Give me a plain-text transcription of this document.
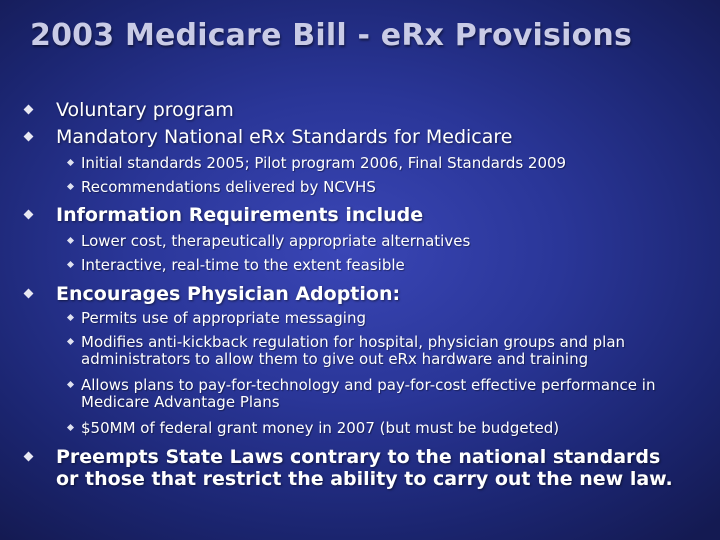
2003 Medicare Bill - eRx Provisions
Voluntary program
Mandatory National eRx Standards for Medicare
Initial standards 2005; Pilot program 2006, Final Standards 2009
Recommendations delivered by NCVHS
Information Requirements include
Lower cost, therapeutically appropriate alternatives
Interactive, real-time to the extent feasible
Encourages Physician Adoption:
Permits use of appropriate messaging
Modifies anti-kickback regulation for hospital, physician groups and plan administrators to allow them to give out eRx hardware and training
Allows plans to pay-for-technology and pay-for-cost effective performance in Medicare Advantage Plans
$50MM of federal grant money in 2007 (but must be budgeted)
Preempts State Laws contrary to the national standards or those that restrict the ability to carry out the new law.
